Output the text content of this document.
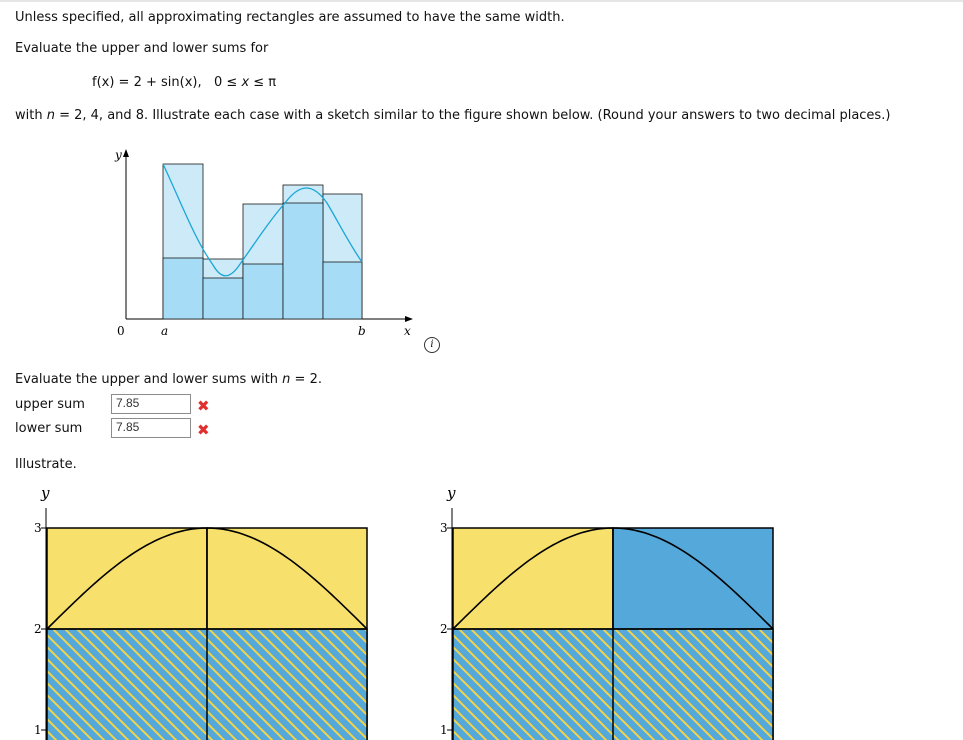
Unless specified, all approximating rectangles are assumed to have the same width.
Evaluate the upper and lower sums for
f(x) = 2 + sin(x), 0 ≤ x ≤ π
with n = 2, 4, and 8. Illustrate each case with a sketch similar to the figure shown below. (Round your answers to two decimal places.)
y
0	a	b	x
i
Evaluate the upper and lower sums with n = 2.
upper sum	7.85	✖
lower sum	7.85	✖
Illustrate.
y
3
2
1
y
3
2
1
